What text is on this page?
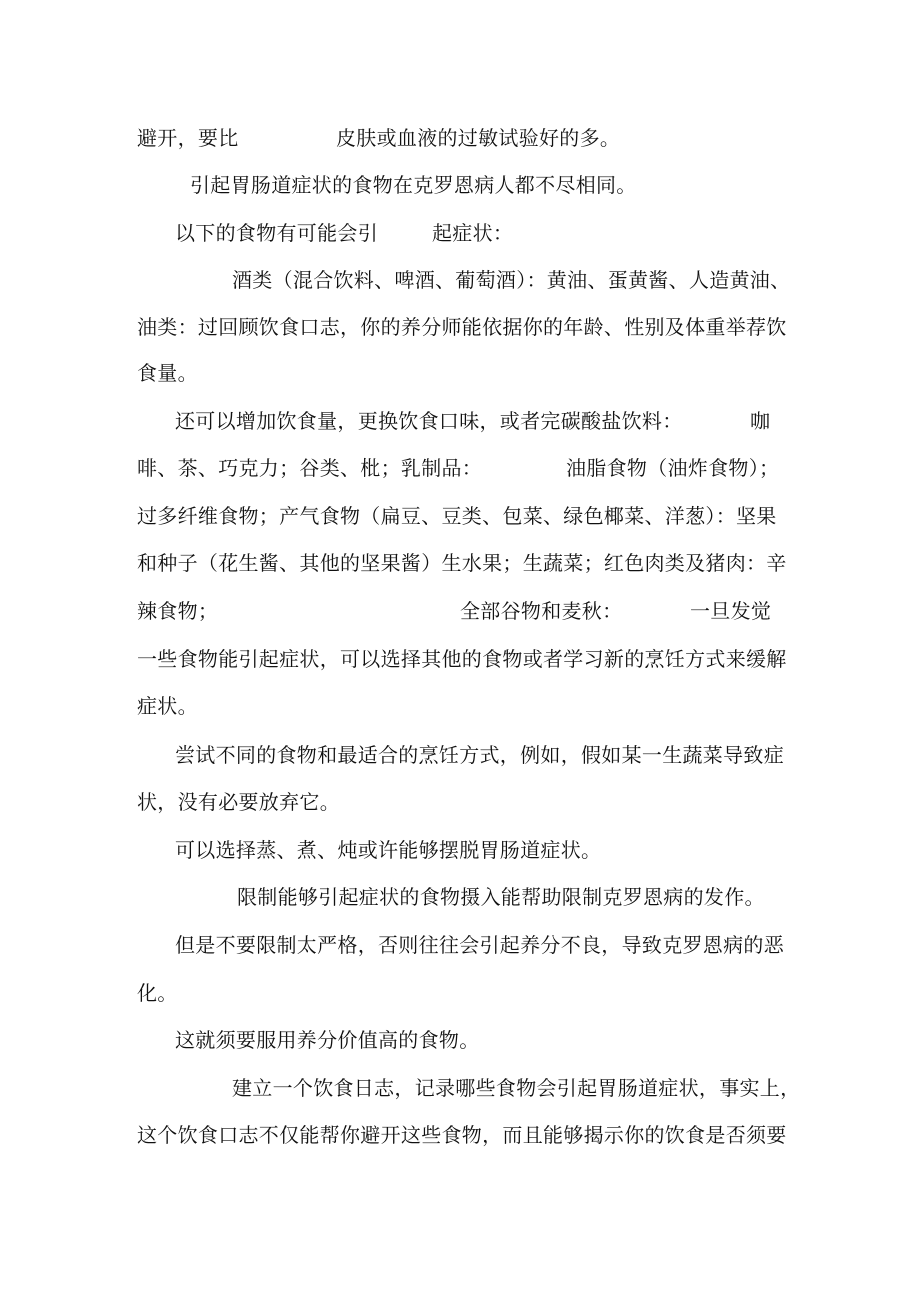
避开，要比	皮肤或血液的过敏试验好的多。
引起胃肠道症状的食物在克罗恩病人都不尽相同。
以下的食物有可能会引	起症状：
酒类（混合饮料、啤酒、葡萄酒）：黄油、蛋黄酱、人造黄油、
油类：过回顾饮食口志，你的养分师能依据你的年龄、性别及体重举荐饮
食量。
还可以增加饮食量，更换饮食口味，或者完碳酸盐饮料：	咖
啡、茶、巧克力；谷类、枇；乳制品：	油脂食物（油炸食物）；
过多纤维食物；产气食物（扁豆、豆类、包菜、绿色椰菜、洋葱）：坚果
和种子（花生酱、其他的坚果酱）生水果；生蔬菜；红色肉类及猪肉：辛
辣食物；	全部谷物和麦秋：	一旦发觉
一些食物能引起症状，可以选择其他的食物或者学习新的烹饪方式来缓解
症状。
尝试不同的食物和最适合的烹饪方式，例如，假如某一生蔬菜导致症
状，没有必要放弃它。
可以选择蒸、煮、炖或许能够摆脱胃肠道症状。
限制能够引起症状的食物摄入能帮助限制克罗恩病的发作。
但是不要限制太严格，否则往往会引起养分不良，导致克罗恩病的恶
化。
这就须要服用养分价值高的食物。
建立一个饮食日志，记录哪些食物会引起胃肠道症状，事实上，
这个饮食口志不仅能帮你避开这些食物，而且能够揭示你的饮食是否须要
